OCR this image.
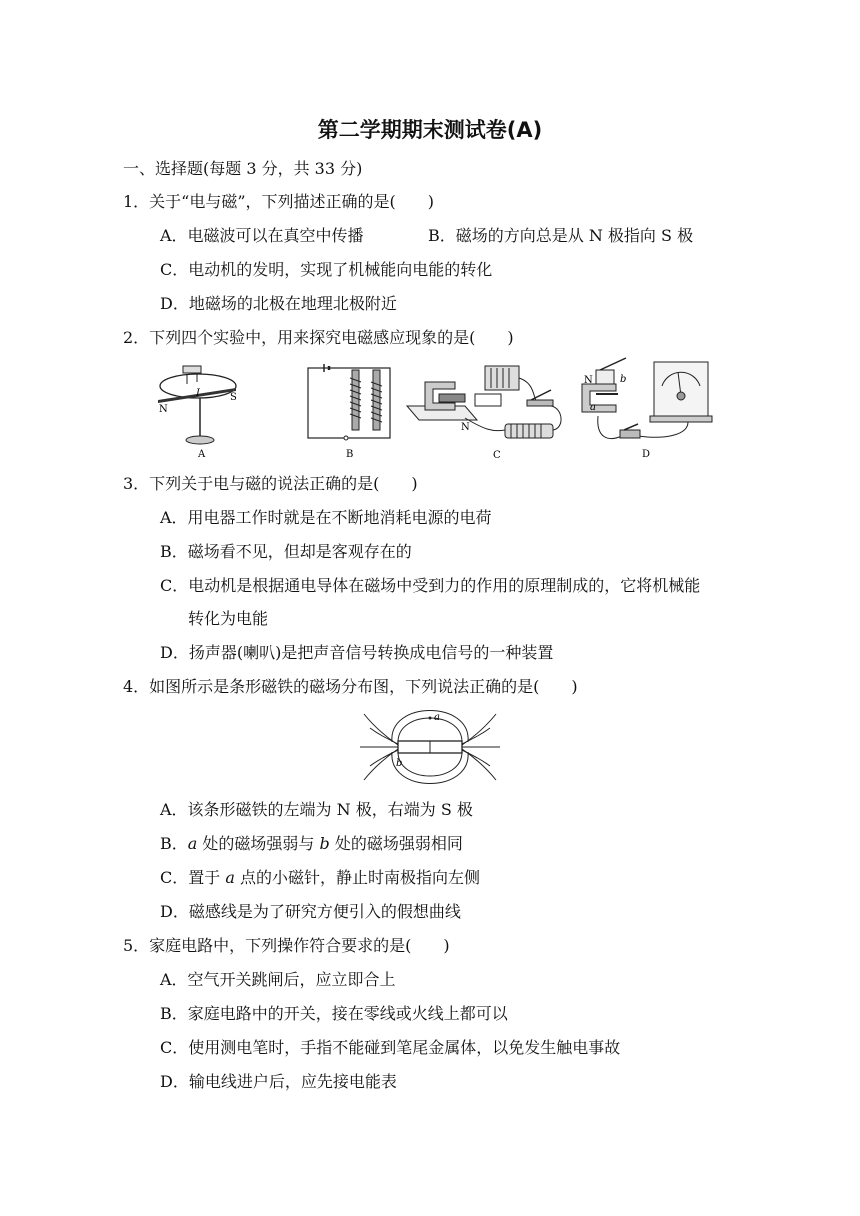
第二学期期末测试卷(A)
一、选择题(每题 3 分，共 33 分)
1．关于“电与磁”，下列描述正确的是(　　)
A．电磁波可以在真空中传播	B．磁场的方向总是从 N 极指向 S 极
C．电动机的发明，实现了机械能向电能的转化
D．地磁场的北极在地理北极附近
2．下列四个实验中，用来探究电磁感应现象的是(　　)
I
N
S
A	B
N
C
N
a
b
D
3．下列关于电与磁的说法正确的是(　　)
A．用电器工作时就是在不断地消耗电源的电荷
B．磁场看不见，但却是客观存在的
C．电动机是根据通电导体在磁场中受到力的作用的原理制成的，它将机械能
转化为电能
D．扬声器(喇叭)是把声音信号转换成电信号的一种装置
4．如图所示是条形磁铁的磁场分布图，下列说法正确的是(　　)
a
b
A．该条形磁铁的左端为 N 极，右端为 S 极
B．a 处的磁场强弱与 b 处的磁场强弱相同
C．置于 a 点的小磁针，静止时南极指向左侧
D．磁感线是为了研究方便引入的假想曲线
5．家庭电路中，下列操作符合要求的是(　　)
A．空气开关跳闸后，应立即合上
B．家庭电路中的开关，接在零线或火线上都可以
C．使用测电笔时，手指不能碰到笔尾金属体，以免发生触电事故
D．输电线进户后，应先接电能表
